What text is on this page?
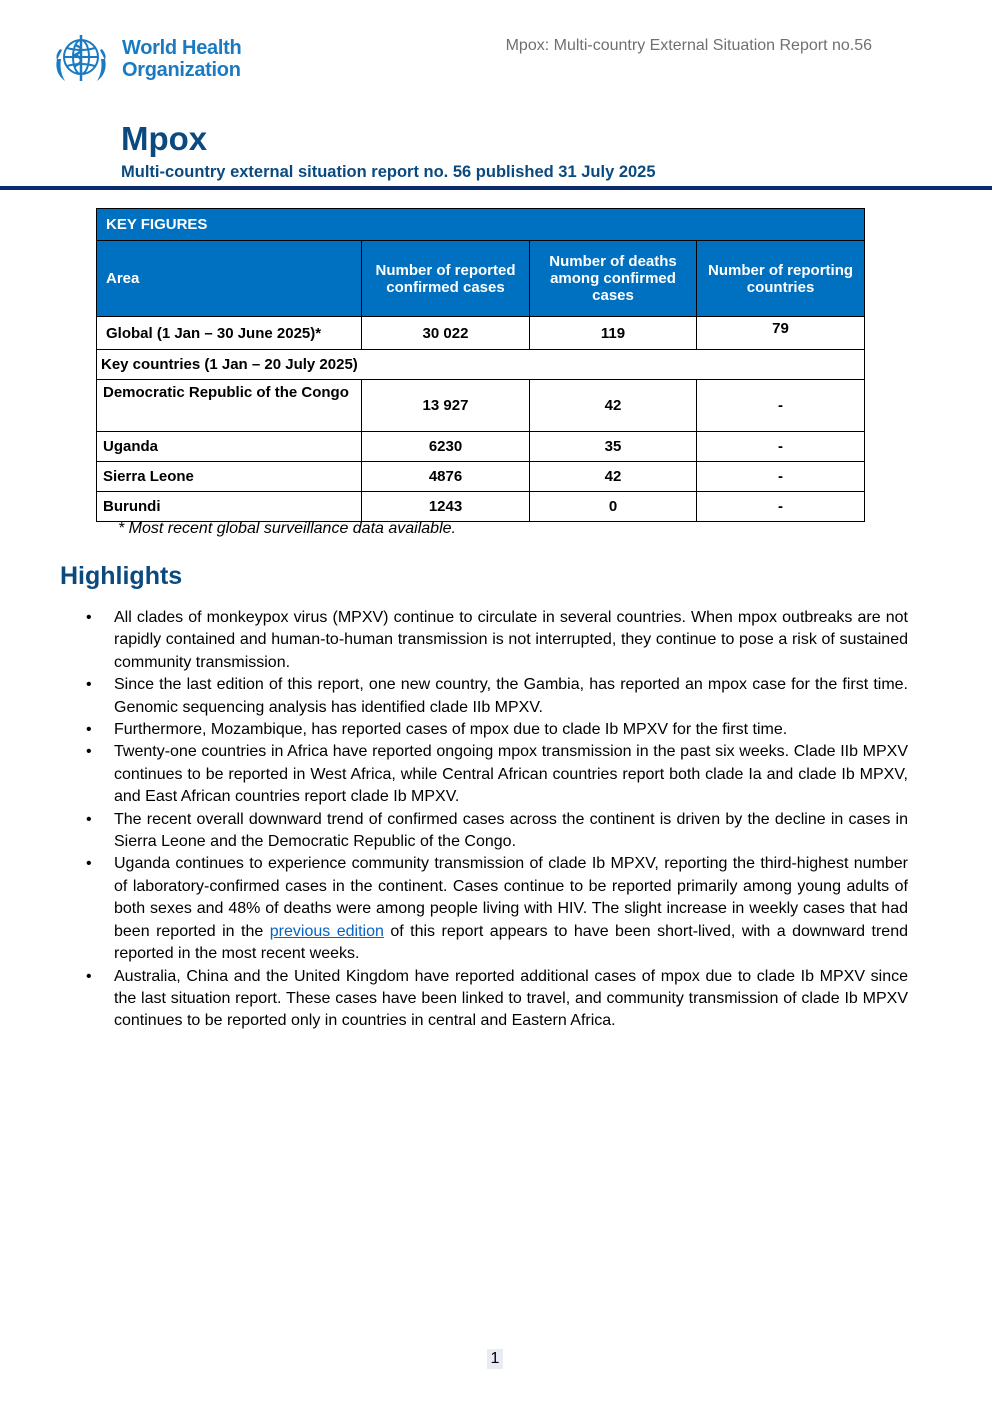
World Health
Organization
Mpox: Multi-country External Situation Report no.56
Mpox
Multi-country external situation report no. 56 published 31 July 2025
KEY FIGURES			
Area	Number of reported confirmed cases	Number of deaths among confirmed cases	Number of reporting countries
Global (1 Jan – 30 June 2025)*	30 022	119	79
Key countries (1 Jan – 20 July 2025)			
Democratic Republic of the Congo	13 927	42	-
Uganda	6230	35	-
Sierra Leone	4876	42	-
Burundi	1243	0	-
* Most recent global surveillance data available.
Highlights
• All clades of monkeypox virus (MPXV) continue to circulate in several countries. When mpox outbreaks are not rapidly contained and human-to-human transmission is not interrupted, they continue to pose a risk of sustained community transmission.
• Since the last edition of this report, one new country, the Gambia, has reported an mpox case for the first time. Genomic sequencing analysis has identified clade IIb MPXV.
• Furthermore, Mozambique, has reported cases of mpox due to clade Ib MPXV for the first time.
• Twenty-one countries in Africa have reported ongoing mpox transmission in the past six weeks. Clade IIb MPXV continues to be reported in West Africa, while Central African countries report both clade Ia and clade Ib MPXV, and East African countries report clade Ib MPXV.
• The recent overall downward trend of confirmed cases across the continent is driven by the decline in cases in Sierra Leone and the Democratic Republic of the Congo.
• Uganda continues to experience community transmission of clade Ib MPXV, reporting the third-highest number of laboratory-confirmed cases in the continent. Cases continue to be reported primarily among young adults of both sexes and 48% of deaths were among people living with HIV. The slight increase in weekly cases that had been reported in the previous edition of this report appears to have been short-lived, with a downward trend reported in the most recent weeks.
• Australia, China and the United Kingdom have reported additional cases of mpox due to clade Ib MPXV since the last situation report. These cases have been linked to travel, and community transmission of clade Ib MPXV continues to be reported only in countries in central and Eastern Africa.
1
